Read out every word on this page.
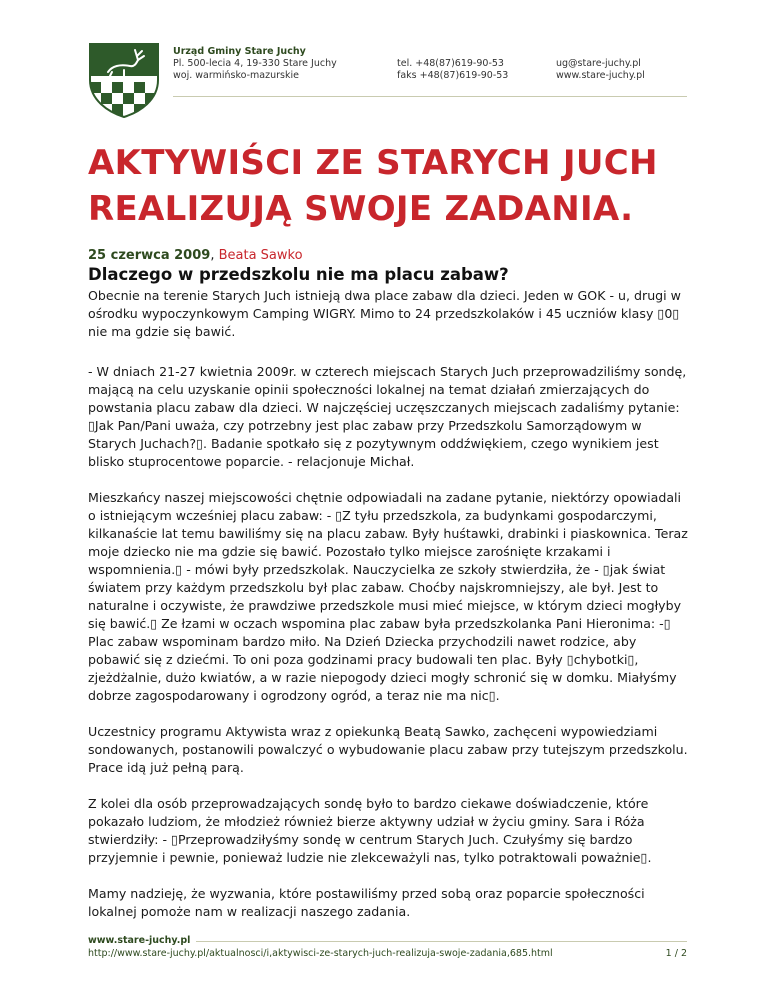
Urząd Gminy Stare Juchy
Pl. 500-lecia 4, 19-330 Stare Juchy
woj. warmińsko-mazurskie
tel. +48(87)619-90-53
faks +48(87)619-90-53
ug@stare-juchy.pl
www.stare-juchy.pl
AKTYWIŚCI ZE STARYCH JUCH
REALIZUJĄ SWOJE ZADANIA.
25 czerwca 2009, Beata Sawko
Dlaczego w przedszkolu nie ma placu zabaw?

Obecnie na terenie Starych Juch istnieją dwa place zabaw dla dzieci. Jeden w GOK - u, drugi w ośrodku wypoczynkowym Camping WIGRY. Mimo to 24 przedszkolaków i 45 uczniów klasy ▯0▯ nie ma gdzie się bawić.

- W dniach 21-27 kwietnia 2009r. w czterech miejscach Starych Juch przeprowadziliśmy sondę, mającą na celu uzyskanie opinii społeczności lokalnej na temat działań zmierzających do powstania placu zabaw dla dzieci. W najczęściej uczęszczanych miejscach zadaliśmy pytanie: ▯Jak Pan/Pani uważa, czy potrzebny jest plac zabaw przy Przedszkolu Samorządowym w Starych Juchach?▯. Badanie spotkało się z pozytywnym oddźwiękiem, czego wynikiem jest blisko stuprocentowe poparcie. - relacjonuje Michał.

Mieszkańcy naszej miejscowości chętnie odpowiadali na zadane pytanie, niektórzy opowiadali o istniejącym wcześniej placu zabaw: - ▯Z tyłu przedszkola, za budynkami gospodarczymi, kilkanaście lat temu bawiliśmy się na placu zabaw. Były huśtawki, drabinki i piaskownica. Teraz moje dziecko nie ma gdzie się bawić. Pozostało tylko miejsce zarośnięte krzakami i wspomnienia.▯ - mówi były przedszkolak. Nauczycielka ze szkoły stwierdziła, że - ▯jak świat światem przy każdym przedszkolu był plac zabaw. Choćby najskromniejszy, ale był. Jest to naturalne i oczywiste, że prawdziwe przedszkole musi mieć miejsce, w którym dzieci mogłyby się bawić.▯ Ze łzami w oczach wspomina plac zabaw była przedszkolanka Pani Hieronima: -▯ Plac zabaw wspominam bardzo miło. Na Dzień Dziecka przychodzili nawet rodzice, aby pobawić się z dziećmi. To oni poza godzinami pracy budowali ten plac. Były ▯chybotki▯, zjeżdżalnie, dużo kwiatów, a w razie niepogody dzieci mogły schronić się w domku. Miałyśmy dobrze zagospodarowany i ogrodzony ogród, a teraz nie ma nic▯.

Uczestnicy programu Aktywista wraz z opiekunką Beatą Sawko, zachęceni wypowiedziami sondowanych, postanowili powalczyć o wybudowanie placu zabaw przy tutejszym przedszkolu. Prace idą już pełną parą.

Z kolei dla osób przeprowadzających sondę było to bardzo ciekawe doświadczenie, które pokazało ludziom, że młodzież również bierze aktywny udział w życiu gminy. Sara i Róża stwierdziły: - ▯Przeprowadziłyśmy sondę w centrum Starych Juch. Czułyśmy się bardzo przyjemnie i pewnie, ponieważ ludzie nie zlekceważyli nas, tylko potraktowali poważnie▯.

Mamy nadzieję, że wyzwania, które postawiliśmy przed sobą oraz poparcie społeczności lokalnej pomoże nam w realizacji naszego zadania.

www.stare-juchy.pl
http://www.stare-juchy.pl/aktualnosci/i,aktywisci-ze-starych-juch-realizuja-swoje-zadania,685.html	1 / 2
